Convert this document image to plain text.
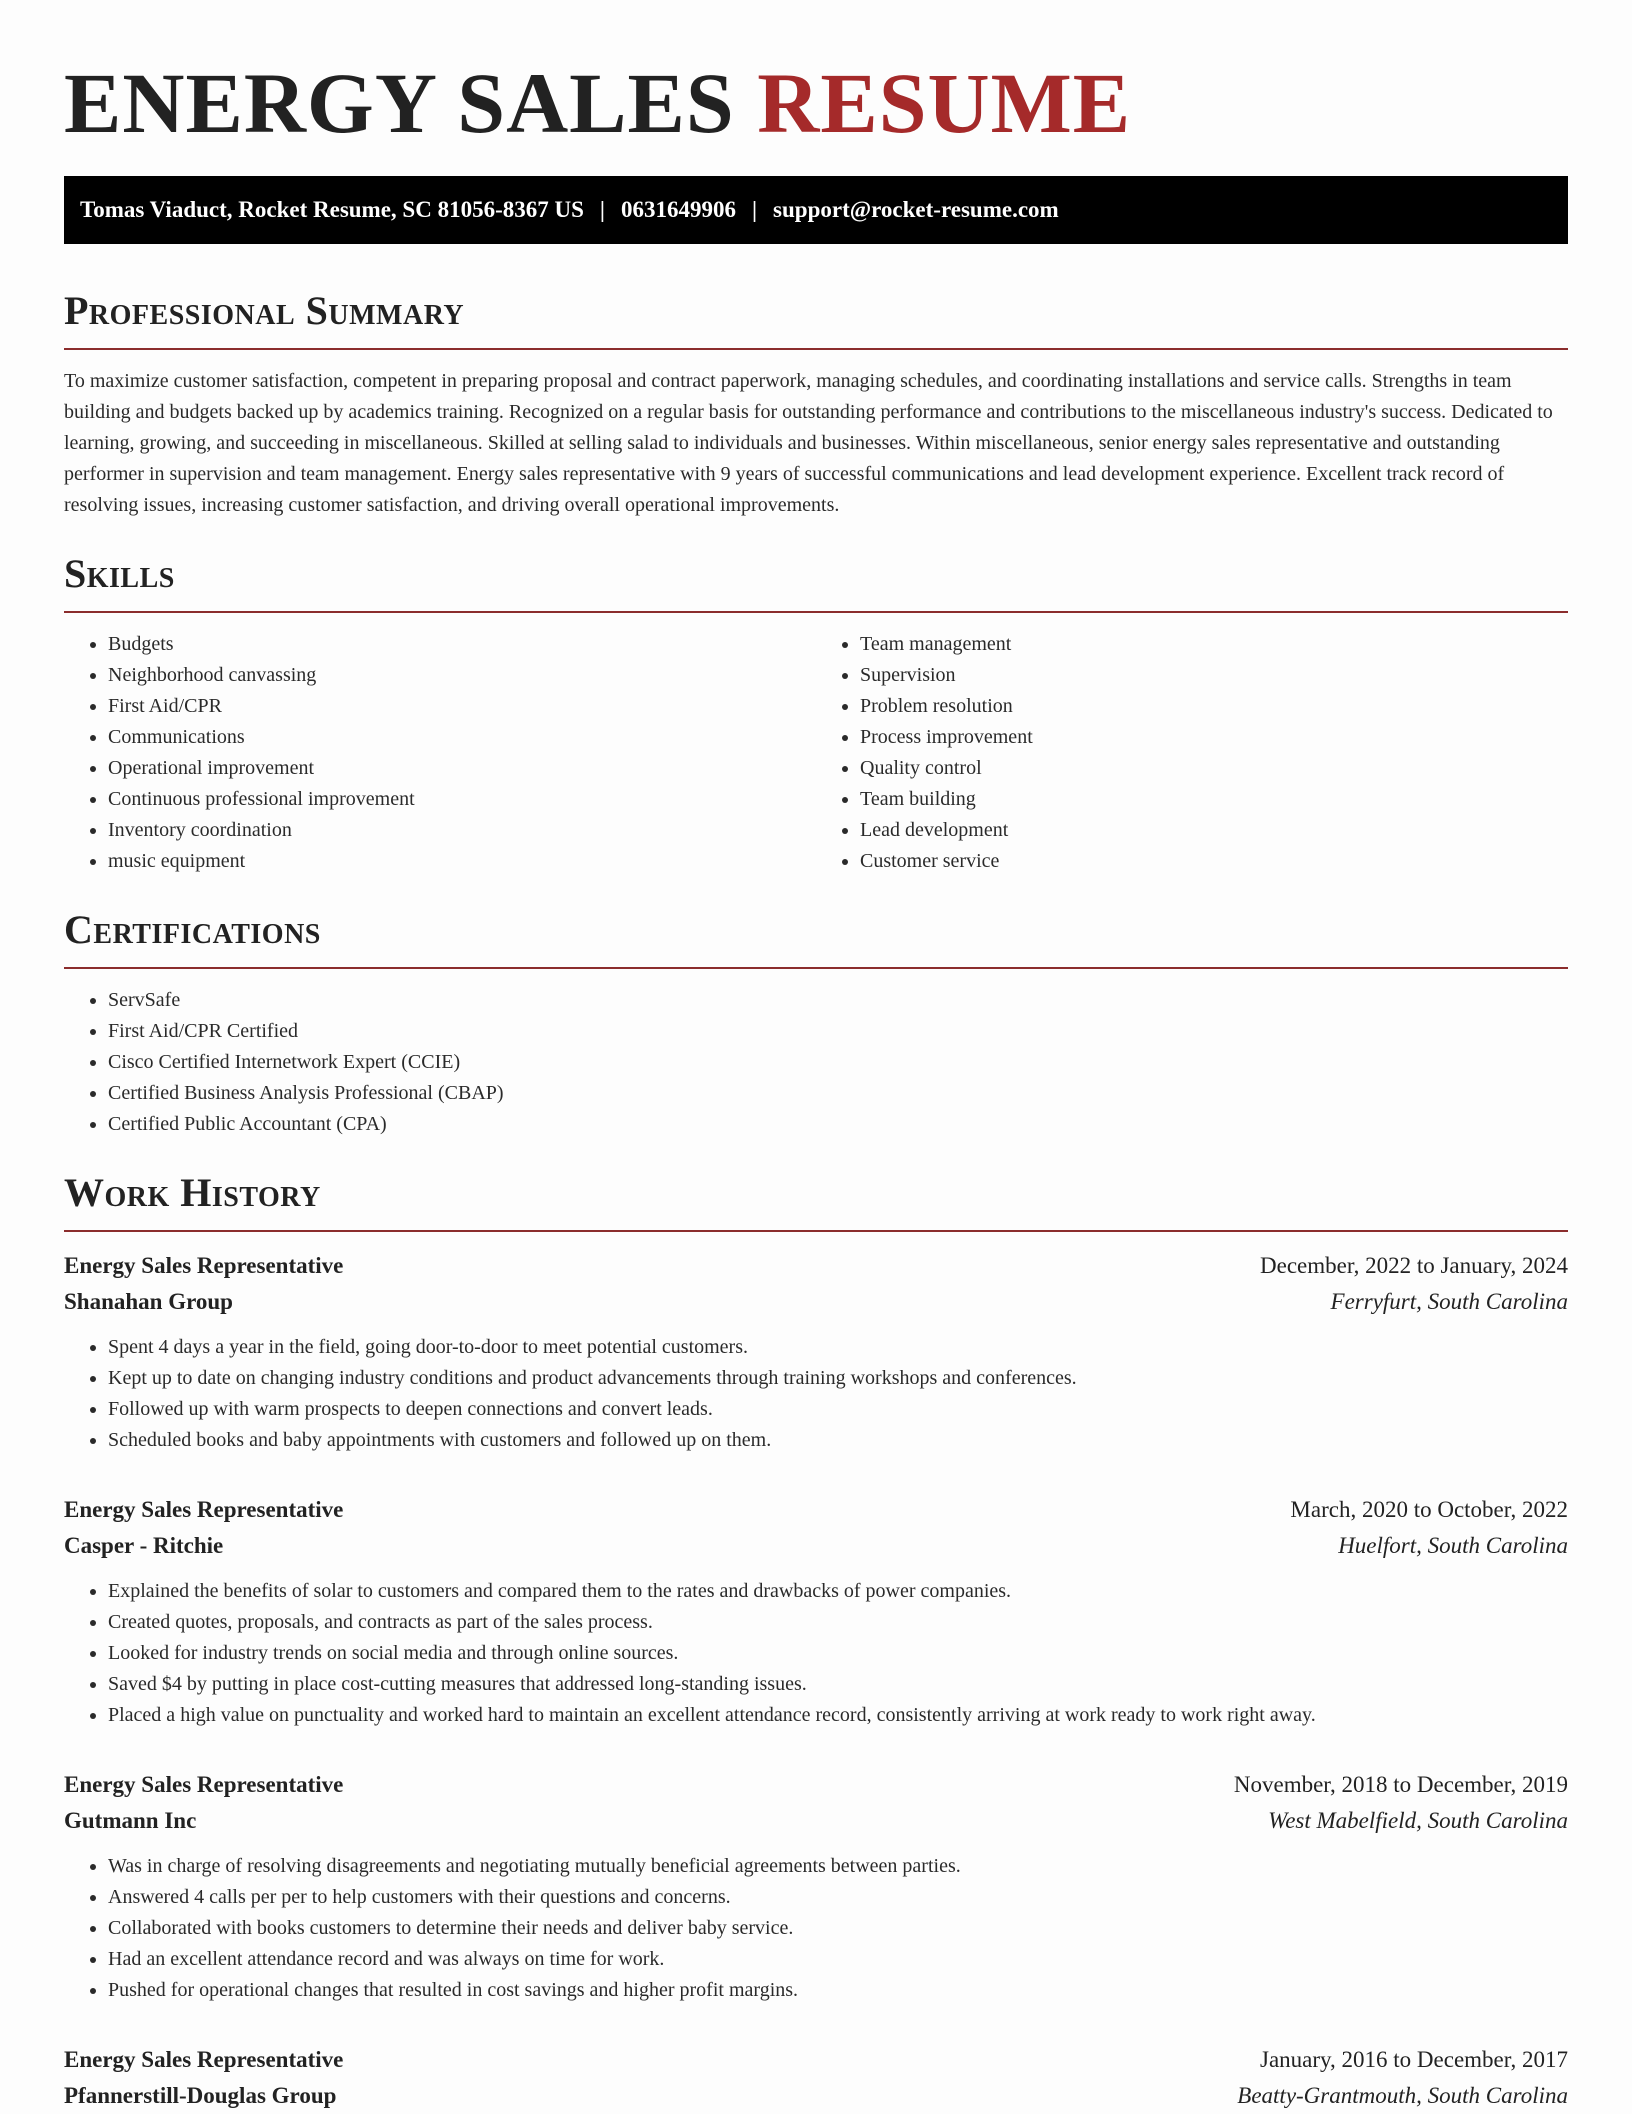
ENERGY SALES RESUME
Tomas Viaduct, Rocket Resume, SC 81056-8367 US | 0631649906 | support@rocket-resume.com
Professional Summary

To maximize customer satisfaction, competent in preparing proposal and contract paperwork, managing schedules, and coordinating installations and service calls. Strengths in team building and budgets backed up by academics training. Recognized on a regular basis for outstanding performance and contributions to the miscellaneous industry's success. Dedicated to learning, growing, and succeeding in miscellaneous. Skilled at selling salad to individuals and businesses. Within miscellaneous, senior energy sales representative and outstanding performer in supervision and team management. Energy sales representative with 9 years of successful communications and lead development experience. Excellent track record of resolving issues, increasing customer satisfaction, and driving overall operational improvements.

Skills
• Budgets
• Neighborhood canvassing
• First Aid/CPR
• Communications
• Operational improvement
• Continuous professional improvement
• Inventory coordination
• music equipment
• Team management
• Supervision
• Problem resolution
• Process improvement
• Quality control
• Team building
• Lead development
• Customer service
Certifications
• ServSafe
• First Aid/CPR Certified
• Cisco Certified Internetwork Expert (CCIE)
• Certified Business Analysis Professional (CBAP)
• Certified Public Accountant (CPA)
Work History
Energy Sales Representative	December, 2022 to January, 2024
Shanahan Group	Ferryfurt, South Carolina
• Spent 4 days a year in the field, going door-to-door to meet potential customers.
• Kept up to date on changing industry conditions and product advancements through training workshops and conferences.
• Followed up with warm prospects to deepen connections and convert leads.
• Scheduled books and baby appointments with customers and followed up on them.
Energy Sales Representative	March, 2020 to October, 2022
Casper - Ritchie	Huelfort, South Carolina
• Explained the benefits of solar to customers and compared them to the rates and drawbacks of power companies.
• Created quotes, proposals, and contracts as part of the sales process.
• Looked for industry trends on social media and through online sources.
• Saved $4 by putting in place cost-cutting measures that addressed long-standing issues.
• Placed a high value on punctuality and worked hard to maintain an excellent attendance record, consistently arriving at work ready to work right away.
Energy Sales Representative	November, 2018 to December, 2019
Gutmann Inc	West Mabelfield, South Carolina
• Was in charge of resolving disagreements and negotiating mutually beneficial agreements between parties.
• Answered 4 calls per per to help customers with their questions and concerns.
• Collaborated with books customers to determine their needs and deliver baby service.
• Had an excellent attendance record and was always on time for work.
• Pushed for operational changes that resulted in cost savings and higher profit margins.
Energy Sales Representative	January, 2016 to December, 2017
Pfannerstill-Douglas Group	Beatty-Grantmouth, South Carolina
